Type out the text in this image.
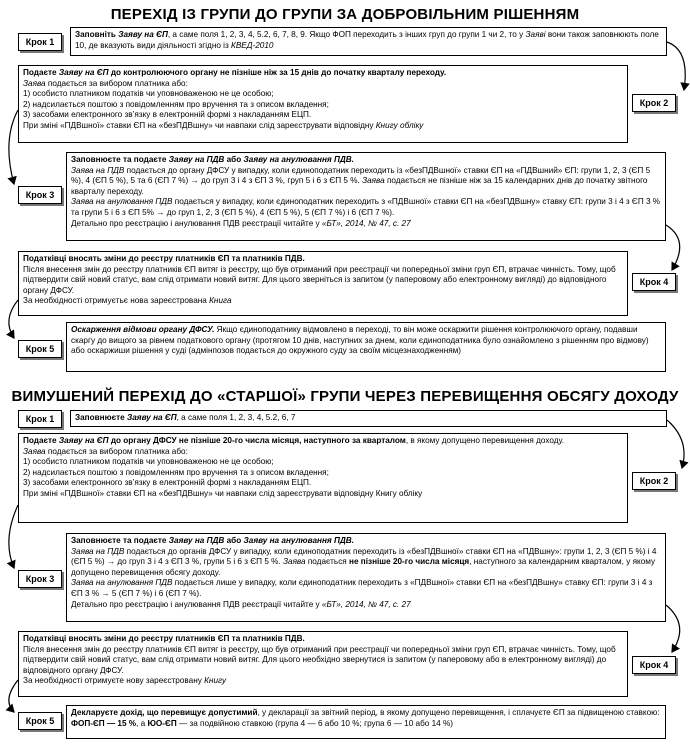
ПЕРЕХІД ІЗ ГРУПИ ДО ГРУПИ ЗА ДОБРОВІЛЬНИМ РІШЕННЯМ

Заповніть Заяву на ЄП, а саме поля 1, 2, 3, 4, 5.2, 6, 7, 8, 9. Якщо ФОП переходить з інших груп до групи 1 чи 2, то у Заяві вони також заповнюють поле 10, де вказують види діяльності згідно із КВЕД-2010

Крок 1

Подаєте Заяву на ЄП до контролюючого органу не пізніше ніж за 15 днів до початку кварталу переходу.

Заява подається за вибором платника або:

1) особисто платником податків чи уповноваженою не це особою;

2) надсилається поштою з повідомленням про вручення та з описом вкладення;

3) засобами електронного зв’язку в електронній формі з накладанням ЕЦП.

При зміні «ПДВшної» ставки ЄП на «безПДВшну» чи навпаки слід зареєструвати відповідну Книгу обліку

Крок 2

Заповнюєте та подаєте Заяву на ПДВ або Заяву на анулювання ПДВ.

Заява на ПДВ подається до органу ДФСУ у випадку, коли єдиноподатник переходить із «безПДВшної» ставки ЄП на «ПДВшний» ЄП: групи 1, 2, 3 (ЄП 5 %), 4 (ЄП 5 %), 5 та 6 (ЄП 7 %) → до груп 3 і 4 з ЄП 3 %, груп 5 і 6 з ЄП 5 %. Заява подається не пізніше ніж за 15 календарних днів до початку звітного кварталу переходу.

Заява на анулювання ПДВ подається у випадку, коли єдиноподатник переходить з «ПДВшної» ставки ЄП на «безПДВшну» ставку ЄП: групи 3 і 4 з ЄП 3 % та групи 5 і 6 з ЄП 5% → до груп 1, 2, 3 (ЄП 5 %), 4 (ЄП 5 %), 5 (ЄП 7 %) і 6 (ЄП 7 %).

Детально про реєстрацію і анулювання ПДВ реєстрації читайте у «БТ», 2014, № 47, с. 27

Крок 3

Податківці вносять зміни до реєстру платників ЄП та платників ПДВ.

Після внесення змін до реєстру платників ЄП витяг із реєстру, що був отриманий при реєстрації чи попередньої зміни груп ЄП, втрачає чинність. Тому, щоб підтвердити свій новий статус, вам слід отримати новий витяг. Для цього зверніться із запитом (у паперовому або електронному вигляді) до відповідного органу ДФСУ.

За необхідності отримуєтьє нова зареєстрована Книга

Крок 4

Оскарження відмови органу ДФСУ. Якщо єдиноподатнику відмовлено в переході, то він може оскаржити рішення контролюючого органу, подавши скаргу до вищого за рівнем податкового органу (протягом 10 днів, наступних за днем, коли єдиноподатника було ознайомлено з рішенням про відмову) або оскаржиши рішення у суді (адмінпозов подається до окружного суду за своїм місцезнаходженням)

Крок 5
ВИМУШЕНИЙ ПЕРЕХІД ДО «СТАРШОЇ» ГРУПИ ЧЕРЕЗ ПЕРЕВИЩЕННЯ ОБСЯГУ ДОХОДУ

Заповнюєте Заяву на ЄП, а саме поля 1, 2, 3, 4, 5.2, 6, 7

Крок 1

Подаєте Заяву на ЄП до органу ДФСУ не пізніше 20-го числа місяця, наступного за кварталом, в якому допущено перевищення доходу.

Заява подається за вибором платника або:

1) особисто платником податків чи уповноваженою не це особою;

2) надсилається поштою з повідомленням про вручення та з описом вкладення;

3) засобами електронного зв’язку в електронній формі з накладанням ЕЦП.

При зміні «ПДВшної» ставки ЄП на «безПДВшну» чи навпаки слід зареєструвати відповідну Книгу обліку

Крок 2

Заповнюєте та подаєте Заяву на ПДВ або Заяву на анулювання ПДВ.

Заява на ПДВ подається до органів ДФСУ у випадку, коли єдиноподатник переходить із «безПДВшної» ставки ЄП на «ПДВшну»: групи 1, 2, 3 (ЄП 5 %) і 4 (ЄП 5 %) → до груп 3 і 4 з ЄП 3 %, групи 5 і 6 з ЄП 5 %. Заява подається не пізніше 20-го числа місяця, наступного за календарним кварталом, у якому допущено перевищення обсягу доходу.

Заява на анулювання ПДВ подається лише у випадку, коли єдиноподатник переходить з «ПДВшної» ставки ЄП на «безПДВшну» ставку ЄП: групи 3 і 4 з ЄП 3 % → 5 (ЄП 7 %) і 6 (ЄП 7 %).

Детально про реєстрацію і анулювання ПДВ реєстрації читайте у «БТ», 2014, № 47, с. 27

Крок 3

Податківці вносять зміни до реєстру платників ЄП та платників ПДВ.

Після внесення змін до реєстру платників ЄП витяг із реєстру, що був отриманий при реєстрації чи попередньої зміни груп ЄП, втрачає чинність. Тому, щоб підтвердити свій новий статус, вам слід отримати новий витяг. Для цього необхідно звернутися із запитом (у паперовому або в електронному вигляді) до відповідного органу ДФСУ.

За необхідності отримуєте нову зареєстровану Книгу

Крок 4

Декларуєте дохід, що перевищує допустимий, у декларації за звітний період, в якому допущено перевищення, і сплачуєте ЄП за підвищеною ставкою: ФОП-ЄП — 15 %, а ЮО-ЄП — за подвійною ставкою (група 4 — 6 або 10 %; група 6 — 10 або 14 %)

Крок 5
